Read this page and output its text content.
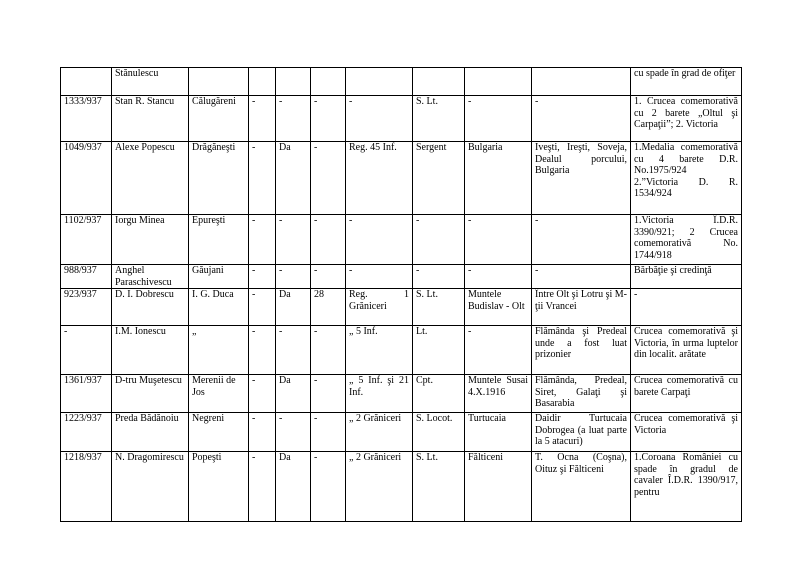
	Stănulescu									cu spade în grad de ofiţer
1333/937	Stan R. Stancu	Călugăreni	-	-	-	-	S. Lt.	-	-	1. Crucea comemorativă cu 2 barete „Oltul şi Carpaţii”; 2. Victoria
1049/937	Alexe Popescu	Drăgăneşti	-	Da	-	Reg. 45 Inf.	Sergent	Bulgaria	Iveşti, Ireşti, Soveja, Dealul porcului, Bulgaria	1.Medalia comemorativă cu 4 barete D.R. No.1975/924
2.”Victoria D. R. 1534/924
1102/937	Iorgu Minea	Epureşti	-	-	-	-	-	-	-	1.Victoria Î.D.R. 3390/921; 2 Crucea comemorativă No. 1744/918
988/937	Anghel Paraschivescu	Găujani	-	-	-	-	-	-	-	Bărbăţie şi credinţă
923/937	D. I. Dobrescu	I. G. Duca	-	Da	28	Reg. 1 Grăniceri	S. Lt.	Muntele Budislav - Olt	Între Olt şi Lotru şi M-ţii Vrancei	-
-	I.M. Ionescu	„	-	-	-	„ 5 Inf.	Lt.	-	Flămânda şi Predeal unde a fost luat prizonier	Crucea comemorativă şi Victoria, în urma luptelor din localit. arătate
1361/937	D-tru Muşetescu	Merenii de Jos	-	Da	-	„ 5 Inf. şi 21 Inf.	Cpt.	Muntele Susai 4.X.1916	Flămânda, Predeal, Siret, Galaţi şi Basarabia	Crucea comemorativă cu barete Carpaţi
1223/937	Preda Bădănoiu	Negreni	-	-	-	„ 2 Grăniceri	S. Locot.	Turtucaia	Daidir Turtucaia Dobrogea (a luat parte la 5 atacuri)	Crucea comemorativă şi Victoria
1218/937	N. Dragomirescu	Popeşti	-	Da	-	„ 2 Grăniceri	S. Lt.	Fălticeni	T. Ocna (Coşna), Oituz şi Fălticeni	1.Coroana României cu spade în gradul de cavaler Î.D.R. 1390/917, pentru
